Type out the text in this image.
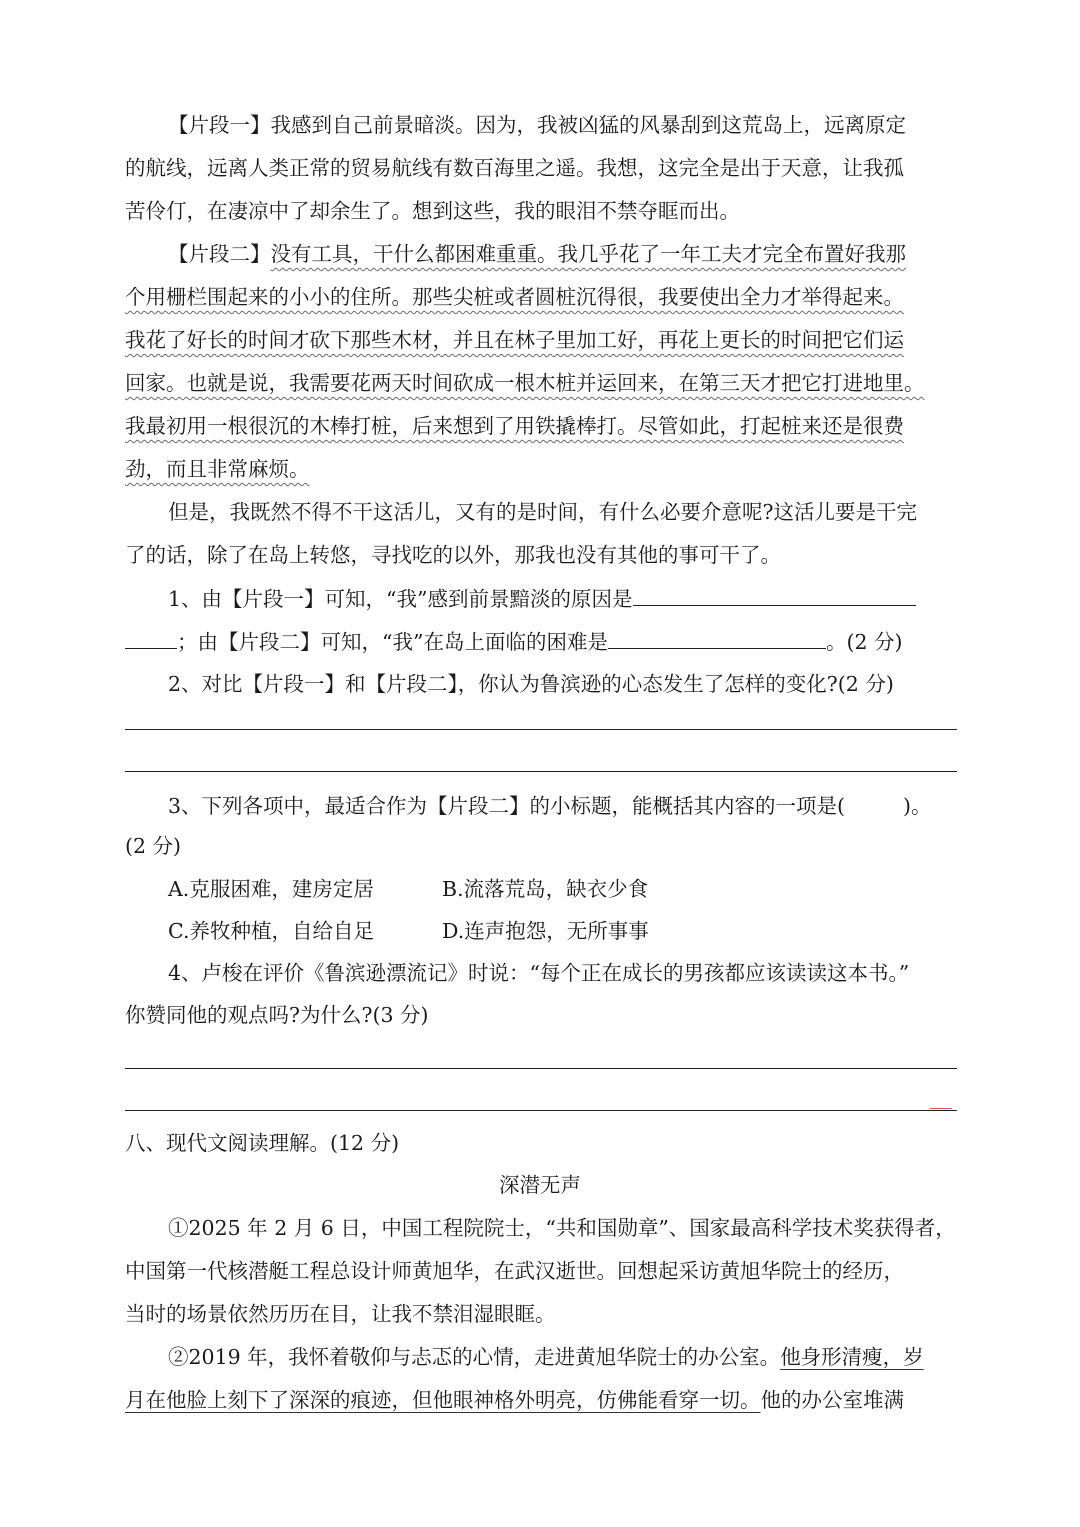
【片段一】我感到自己前景暗淡。因为，我被凶猛的风暴刮到这荒岛上，远离原定
的航线，远离人类正常的贸易航线有数百海里之遥。我想，这完全是出于天意，让我孤
苦伶仃，在凄凉中了却余生了。想到这些，我的眼泪不禁夺眶而出。
【片段二】没有工具，干什么都困难重重。我几乎花了一年工夫才完全布置好我那
个用栅栏围起来的小小的住所。那些尖桩或者圆桩沉得很，我要使出全力才举得起来。
我花了好长的时间才砍下那些木材，并且在林子里加工好，再花上更长的时间把它们运
回家。也就是说，我需要花两天时间砍成一根木桩并运回来，在第三天才把它打进地里。
我最初用一根很沉的木棒打桩，后来想到了用铁撬棒打。尽管如此，打起桩来还是很费
劲，而且非常麻烦。
但是，我既然不得不干这活儿，又有的是时间，有什么必要介意呢?这活儿要是干完
了的话，除了在岛上转悠，寻找吃的以外，那我也没有其他的事可干了。
1、由【片段一】可知，“我”感到前景黯淡的原因是
；由【片段二】可知，“我”在岛上面临的困难是	。(2 分)
2、对比【片段一】和【片段二】，你认为鲁滨逊的心态发生了怎样的变化?(2 分)
3、下列各项中，最适合作为【片段二】的小标题，能概括其内容的一项是(	)。
(2 分)
A.克服困难，建房定居	B.流落荒岛，缺衣少食
C.养牧种植，自给自足	D.连声抱怨，无所事事
4、卢梭在评价《鲁滨逊漂流记》时说：“每个正在成长的男孩都应该读读这本书。”
你赞同他的观点吗?为什么?(3 分)
八、现代文阅读理解。(12 分)
深潜无声
①2025 年 2 月 6 日，中国工程院院士，“共和国勋章”、国家最高科学技术奖获得者，
中国第一代核潜艇工程总设计师黄旭华，在武汉逝世。回想起采访黄旭华院士的经历，
当时的场景依然历历在目，让我不禁泪湿眼眶。
②2019 年，我怀着敬仰与忐忑的心情，走进黄旭华院士的办公室。他身形清瘦，岁
月在他脸上刻下了深深的痕迹，但他眼神格外明亮，仿佛能看穿一切。他的办公室堆满
